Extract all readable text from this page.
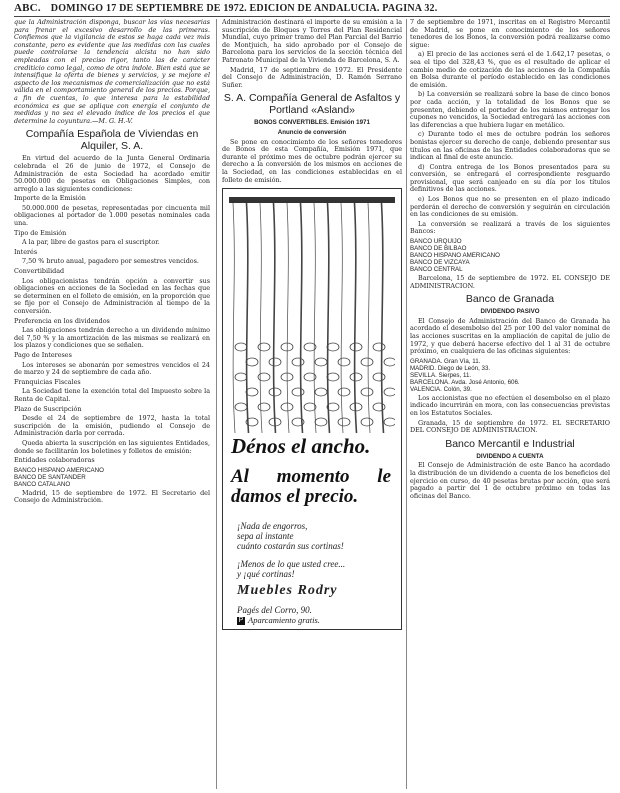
ABC. DOMINGO 17 DE SEPTIEMBRE DE 1972. EDICION DE ANDALUCIA. PAGINA 32.

que la Administración disponga, buscar las vías necesarias para frenar el excesivo desarrollo de las primeras. Confiemos que la vigilancia de estos se haga cada vez más constante, pero es evidente que las medidas con las cuales puede controlarse la tendencia alcista no han sido empleadas con el preciso rigor, tanto las de carácter crediticio como legal, como de otra índole. Bien está que se intensifique la oferta de bienes y servicios, y se mejore el aspecto de los mecanismos de comercialización que no está válida en el comportamiento general de los precios. Porque, a fin de cuentas, lo que interesa para la estabilidad económica es que se aplique con energía el conjunto de medidas y no sea el elevado índice de los precios el que determine la coyuntura.—M. G. H.-V.

Compañía Española de Viviendas en Alquiler, S. A.

En virtud del acuerdo de la Junta General Ordinaria celebrada el 26 de junio de 1972, el Consejo de Administración de esta Sociedad ha acordado emitir 50.000.000 de pesetas en Obligaciones Simples, con arreglo a las siguientes condiciones:

Importe de la Emisión

50.000.000 de pesetas, representadas por cincuenta mil obligaciones al portador de 1.000 pesetas nominales cada una.

Tipo de Emisión

A la par, libre de gastos para el suscriptor.

Interés

7,50 % bruto anual, pagadero por semestres vencidos.

Convertibilidad

Los obligacionistas tendrán opción a convertir sus obligaciones en acciones de la Sociedad en las fechas que se determinen en el folleto de emisión, en la proporción que se fije por el Consejo de Administración al tiempo de la conversión.

Preferencia en los dividendos

Las obligaciones tendrán derecho a un dividendo mínimo del 7,50 % y la amortización de las mismas se realizará en los plazos y condiciones que se señalen.

Pago de Intereses

Los intereses se abonarán por semestres vencidos el 24 de marzo y 24 de septiembre de cada año.

Franquicias Fiscales

La Sociedad tiene la exención total del Impuesto sobre la Renta de Capital.

Plazo de Suscripción

Desde el 24 de septiembre de 1972, hasta la total suscripción de la emisión, pudiendo el Consejo de Administración darla por cerrada.

Queda abierta la suscripción en las siguientes Entidades, donde se facilitarán los boletines y folletos de emisión:

Entidades colaboradoras

BANCO HISPANO AMERICANO
BANCO DE SANTANDER
BANCO CATALANO

Madrid, 15 de septiembre de 1972. El Secretario del Consejo de Administración.

Administración destinará el importe de su emisión a la suscripción de Bloques y Torres del Plan Residencial Mundial, cuyo primer tramo del Plan Parcial del Barrio de Montjuich, ha sido aprobado por el Consejo de Barcelona para los servicios de la sección técnica del Patronato Municipal de la Vivienda de Barcelona, S. A.

Madrid, 17 de septiembre de 1972. El Presidente del Consejo de Administración, D. Ramón Serrano Suñer.

S. A. Compañía General de Asfaltos y Portland «Asland»
BONOS CONVERTIBLES. Emisión 1971
Anuncio de conversión

Se pone en conocimiento de los señores tenedores de Bonos de esta Compañía, Emisión 1971, que durante el próximo mes de octubre podrán ejercer su derecho a la conversión de los mismos en acciones de la Sociedad, en las condiciones establecidas en el folleto de emisión.

Dénos el ancho.
Al momento le damos el precio.
¡Nada de engorros,
sepa al instante
cuánto costarán sus cortinas!
¡Menos de lo que usted cree...
y ¡qué cortinas!
Muebles Rodry
Pagés del Corro, 90.
P Aparcamiento gratis.

7 de septiembre de 1971, inscritas en el Registro Mercantil de Madrid, se pone en conocimiento de los señores tenedores de los Bonos, la conversión podrá realizarse como sigue:

a) El precio de las acciones será el de 1.642,17 pesetas, o sea el tipo del 328,43 %, que es el resultado de aplicar el cambio medio de cotización de las acciones de la Compañía en Bolsa durante el período establecido en las condiciones de emisión.

b) La conversión se realizará sobre la base de cinco bonos por cada acción, y la totalidad de los Bonos que se presenten, debiendo el portador de los mismos entregar los cupones no vencidos, la Sociedad entregará las acciones con las diferencias a que hubiera lugar en metálico.

c) Durante todo el mes de octubre podrán los señores bonistas ejercer su derecho de canje, debiendo presentar sus títulos en las oficinas de las Entidades colaboradoras que se indican al final de este anuncio.

d) Contra entrega de los Bonos presentados para su conversión, se entregará el correspondiente resguardo provisional, que será canjeado en su día por los títulos definitivos de las acciones.

e) Los Bonos que no se presenten en el plazo indicado perderán el derecho de conversión y seguirán en circulación en las condiciones de su emisión.

La conversión se realizará a través de los siguientes Bancos:

BANCO URQUIJO
BANCO DE BILBAO
BANCO HISPANO AMERICANO
BANCO DE VIZCAYA
BANCO CENTRAL

Barcelona, 15 de septiembre de 1972. EL CONSEJO DE ADMINISTRACION.

Banco de Granada
DIVIDENDO PASIVO

El Consejo de Administración del Banco de Granada ha acordado el desembolso del 25 por 100 del valor nominal de las acciones suscritas en la ampliación de capital de julio de 1972, y que deberá hacerse efectivo del 1 al 31 de octubre próximo, en cualquiera de las oficinas siguientes:

GRANADA. Gran Vía, 11.
MADRID. Diego de León, 33.
SEVILLA. Sierpes, 11.
BARCELONA. Avda. José Antonio, 606.
VALENCIA. Colón, 39.

Los accionistas que no efectúen el desembolso en el plazo indicado incurrirán en mora, con las consecuencias previstas en los Estatutos Sociales.

Granada, 15 de septiembre de 1972. EL SECRETARIO DEL CONSEJO DE ADMINISTRACION.

Banco Mercantil e Industrial
DIVIDENDO A CUENTA

El Consejo de Administración de este Banco ha acordado la distribución de un dividendo a cuenta de los beneficios del ejercicio en curso, de 40 pesetas brutas por acción, que será pagado a partir del 1 de octubre próximo en todas las oficinas del Banco.
